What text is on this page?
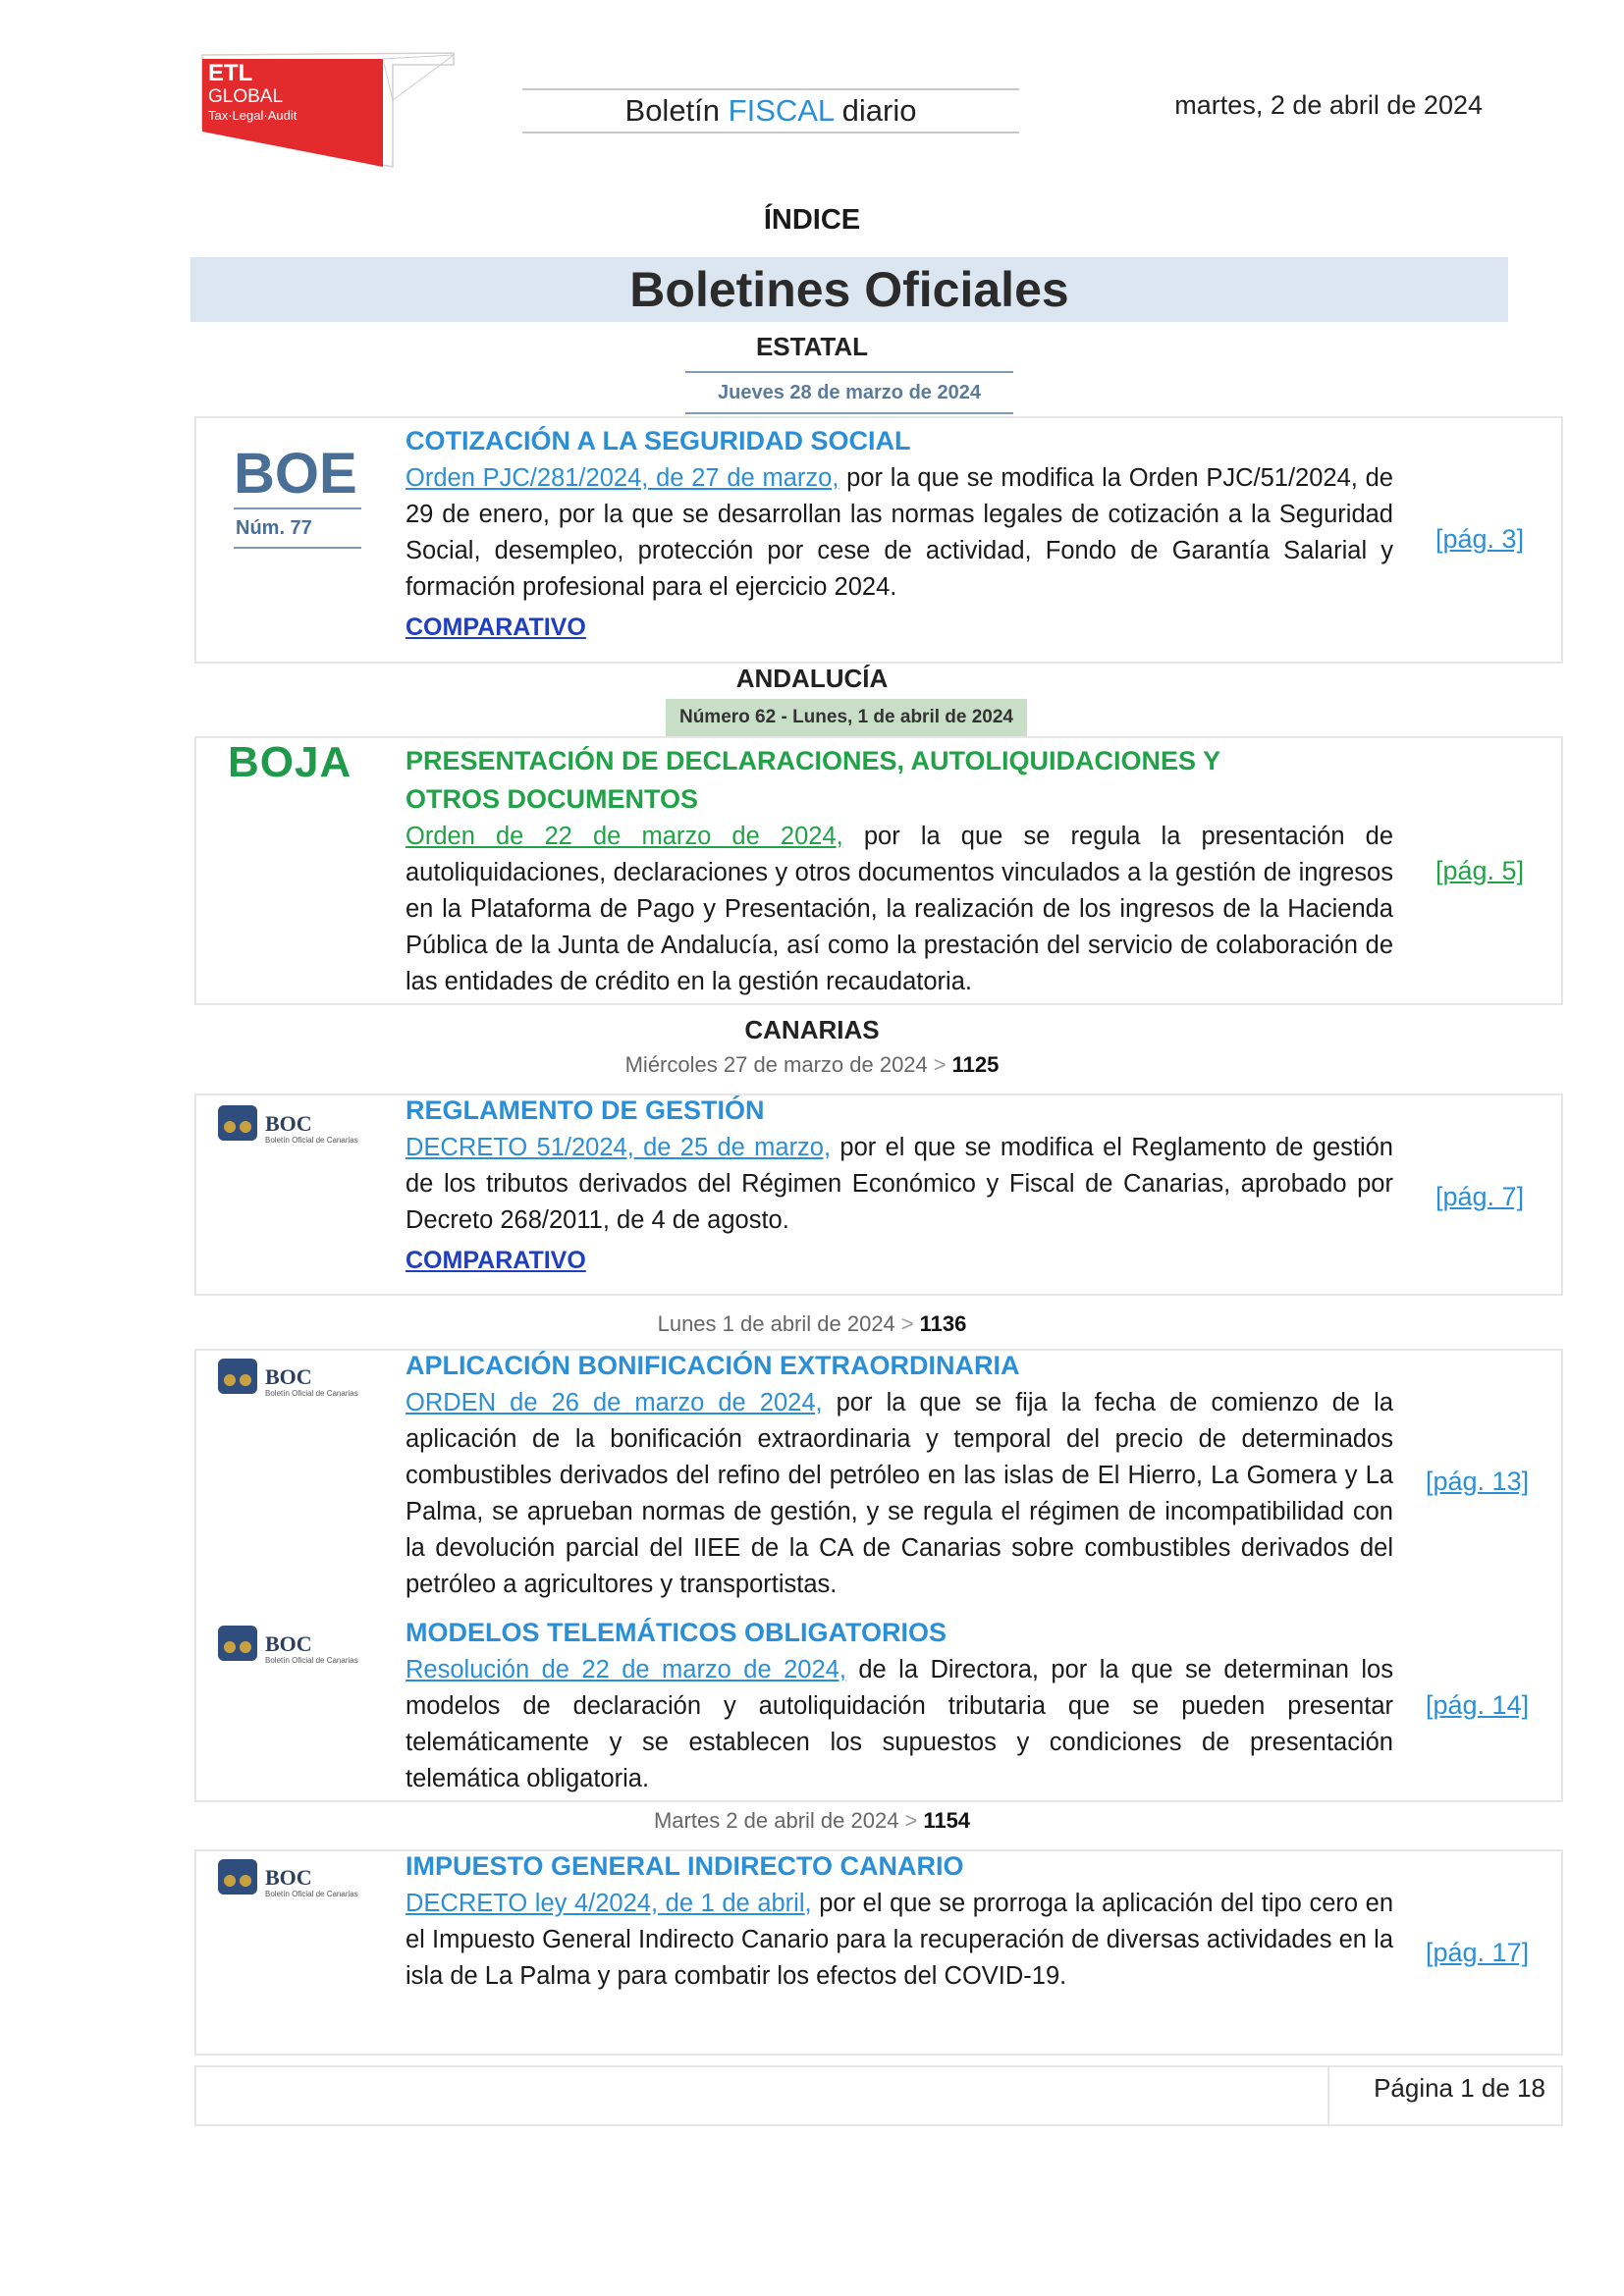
ETL
GLOBAL
Tax·Legal·Audit	Boletín FISCAL diario	martes, 2 de abril de 2024
ÍNDICE
Boletines Oficiales
ESTATAL
Jueves 28 de marzo de 2024
BOE
Núm. 77
COTIZACIÓN A LA SEGURIDAD SOCIAL
Orden PJC/281/2024, de 27 de marzo, por la que se modifica la Orden PJC/51/2024, de 29 de enero, por la que se desarrollan las normas legales de cotización a la Seguridad Social, desempleo, protección por cese de actividad, Fondo de Garantía Salarial y formación profesional para el ejercicio 2024.
COMPARATIVO
[pág. 3]
ANDALUCÍA
Número 62 - Lunes, 1 de abril de 2024
BOJA PRESENTACIÓN DE DECLARACIONES, AUTOLIQUIDACIONES Y
OTROS DOCUMENTOS
Orden de 22 de marzo de 2024, por la que se regula la presentación de autoliquidaciones, declaraciones y otros documentos vinculados a la gestión de ingresos en la Plataforma de Pago y Presentación, la realización de los ingresos de la Hacienda Pública de la Junta de Andalucía, así como la prestación del servicio de colaboración de las entidades de crédito en la gestión recaudatoria.
[pág. 5]
CANARIAS
Miércoles 27 de marzo de 2024 > 1125
BOC
Boletín Oficial de Canarias
REGLAMENTO DE GESTIÓN
DECRETO 51/2024, de 25 de marzo, por el que se modifica el Reglamento de gestión de los tributos derivados del Régimen Económico y Fiscal de Canarias, aprobado por Decreto 268/2011, de 4 de agosto.
COMPARATIVO
[pág. 7]
Lunes 1 de abril de 2024 > 1136
BOC
Boletín Oficial de Canarias
APLICACIÓN BONIFICACIÓN EXTRAORDINARIA
ORDEN de 26 de marzo de 2024, por la que se fija la fecha de comienzo de la aplicación de la bonificación extraordinaria y temporal del precio de determinados combustibles derivados del refino del petróleo en las islas de El Hierro, La Gomera y La Palma, se aprueban normas de gestión, y se regula el régimen de incompatibilidad con la devolución parcial del IIEE de la CA de Canarias sobre combustibles derivados del petróleo a agricultores y transportistas.
[pág. 13]
BOC
Boletín Oficial de Canarias
MODELOS TELEMÁTICOS OBLIGATORIOS
Resolución de 22 de marzo de 2024, de la Directora, por la que se determinan los modelos de declaración y autoliquidación tributaria que se pueden presentar telemáticamente y se establecen los supuestos y condiciones de presentación telemática obligatoria.
[pág. 14]
Martes 2 de abril de 2024 > 1154
BOC
Boletín Oficial de Canarias
IMPUESTO GENERAL INDIRECTO CANARIO
DECRETO ley 4/2024, de 1 de abril, por el que se prorroga la aplicación del tipo cero en el Impuesto General Indirecto Canario para la recuperación de diversas actividades en la isla de La Palma y para combatir los efectos del COVID-19.
[pág. 17]
Página 1 de 18
